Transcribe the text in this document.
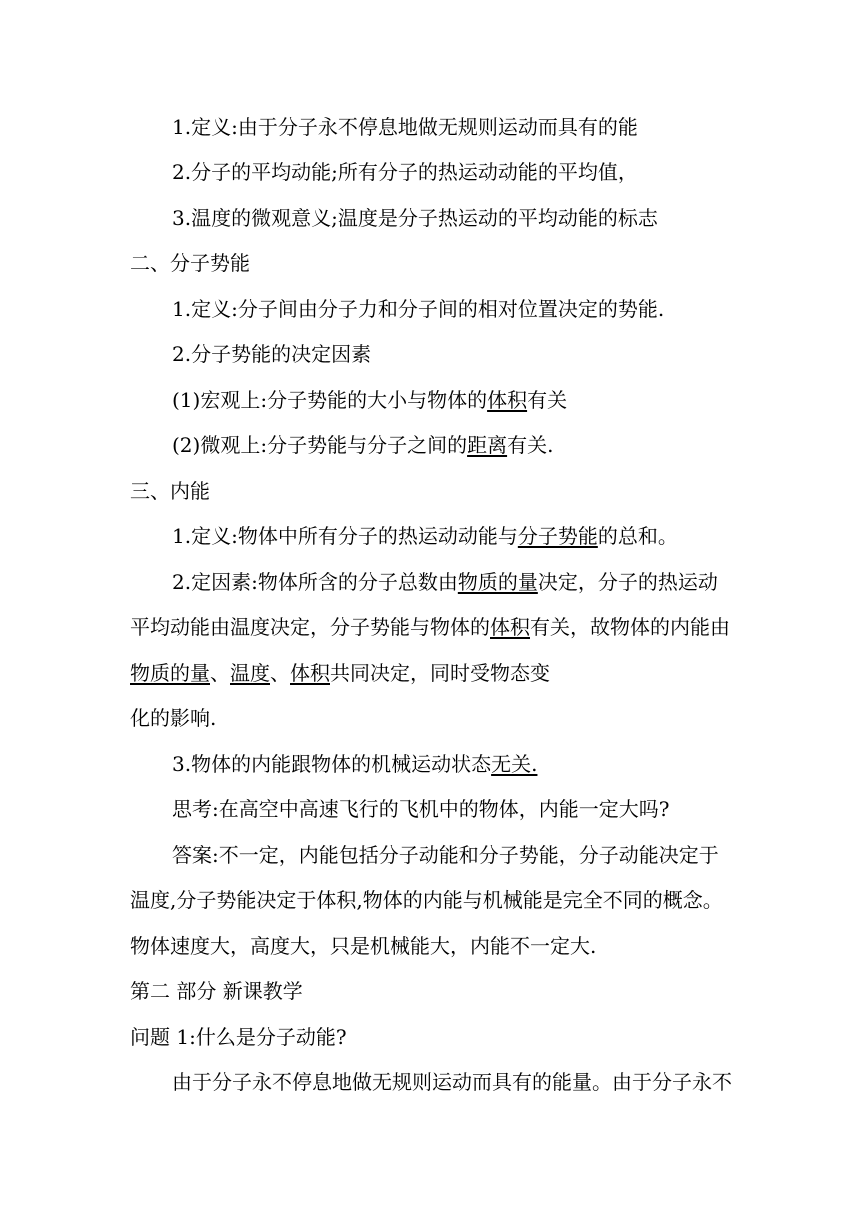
1.定义:由于分子永不停息地做无规则运动而具有的能
2.分子的平均动能;所有分子的热运动动能的平均值，
3.温度的微观意义;温度是分子热运动的平均动能的标志
二、分子势能
1.定义:分子间由分子力和分子间的相对位置决定的势能.
2.分子势能的决定因素
(1)宏观上:分子势能的大小与物体的体积有关
(2)微观上:分子势能与分子之间的距离有关.
三、内能
1.定义:物体中所有分子的热运动动能与分子势能的总和。
2.定因素:物体所含的分子总数由物质的量决定，分子的热运动
平均动能由温度决定，分子势能与物体的体积有关，故物体的内能由
物质的量、温度、体积共同决定，同时受物态变
化的影响.
3.物体的内能跟物体的机械运动状态无关.
思考:在高空中高速飞行的飞机中的物体，内能一定大吗?
答案:不一定，内能包括分子动能和分子势能，分子动能决定于
温度,分子势能决定于体积,物体的内能与机械能是完全不同的概念。
物体速度大，高度大，只是机械能大，内能不一定大.
第二 部分 新课教学
问题 1:什么是分子动能?
由于分子永不停息地做无规则运动而具有的能量。由于分子永不
